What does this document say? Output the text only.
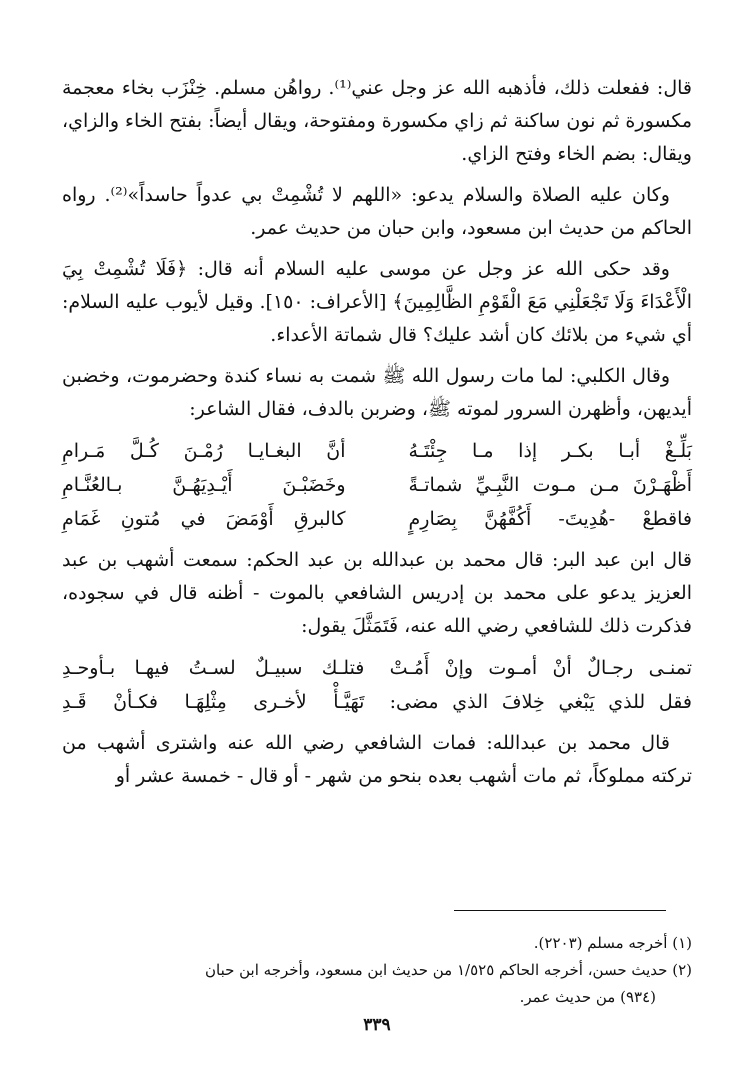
قال: ففعلت ذلك، فأذهبه الله عز وجل عني⁽¹⁾. رواهُن مسلم. خِنْزَب بخاء معجمة مكسورة ثم نون ساكنة ثم زاي مكسورة ومفتوحة، ويقال أيضاً: بفتح الخاء والزاي، ويقال: بضم الخاء وفتح الزاي.

وكان عليه الصلاة والسلام يدعو: «اللهم لا تُشْمِتْ بي عدواً حاسداً»⁽²⁾. رواه الحاكم من حديث ابن مسعود، وابن حبان من حديث عمر.

وقد حكى الله عز وجل عن موسى عليه السلام أنه قال: ﴿فَلَا تُشْمِتْ بِيَ الْأَعْدَاءَ وَلَا تَجْعَلْنِي مَعَ الْقَوْمِ الظَّالِمِينَ﴾ [الأعراف: ١٥٠]. وقيل لأيوب عليه السلام: أي شيء من بلائك كان أشد عليك؟ قال شماتة الأعداء.

وقال الكلبي: لما مات رسول الله ﷺ شمت به نساء كندة وحضرموت، وخضبن أيديهن، وأظهرن السرور لموته ﷺ، وضربن بالدف، فقال الشاعر:

بَلِّـغْ أبـا بكـر إذا مـا جِئْتَـهُ
أنَّ البغـايـا رُمْـنَ كُـلَّ مَـرامِ
أَظْهَـرْنَ مـن مـوت النَّبِـيِّ شماتـةً
وخَضَبْـنَ أَيْـدِيَهُـنَّ بـالعُنَّـامِ
فاقطعْ -هُدِيتَ- أَكُفَّهُنَّ بِصَارِمٍ
كالبرقِ أَوْمَضَ في مُتونِ غَمَامِ

قال ابن عبد البر: قال محمد بن عبدالله بن عبد الحكم: سمعت أشهب بن عبد العزيز يدعو على محمد بن إدريس الشافعي بالموت - أظنه قال في سجوده، فذكرت ذلك للشافعي رضي الله عنه، فَتَمَثَّلَ يقول:

تمنـى رجـالٌ أنْ أمـوت وإنْ أَمُـتْ
فتلـك سبيـلٌ لسـتُ فيهـا بـأوحـدِ
فقل للذي يَبْغي خِلافَ الذي مضى:
تَهَيَّـأْ لأخـرى مِثْلِهَـا فكـأنْ قَـدِ

قال محمد بن عبدالله: فمات الشافعي رضي الله عنه واشترى أشهب من تركته مملوكاً، ثم مات أشهب بعده بنحو من شهر - أو قال - خمسة عشر أو

(١) أخرجه مسلم (٢٢٠٣).

(٢) حديث حسن، أخرجه الحاكم ١/٥٢٥ من حديث ابن مسعود، وأخرجه ابن حبان
(٩٣٤) من حديث عمر.

٣٣٩
